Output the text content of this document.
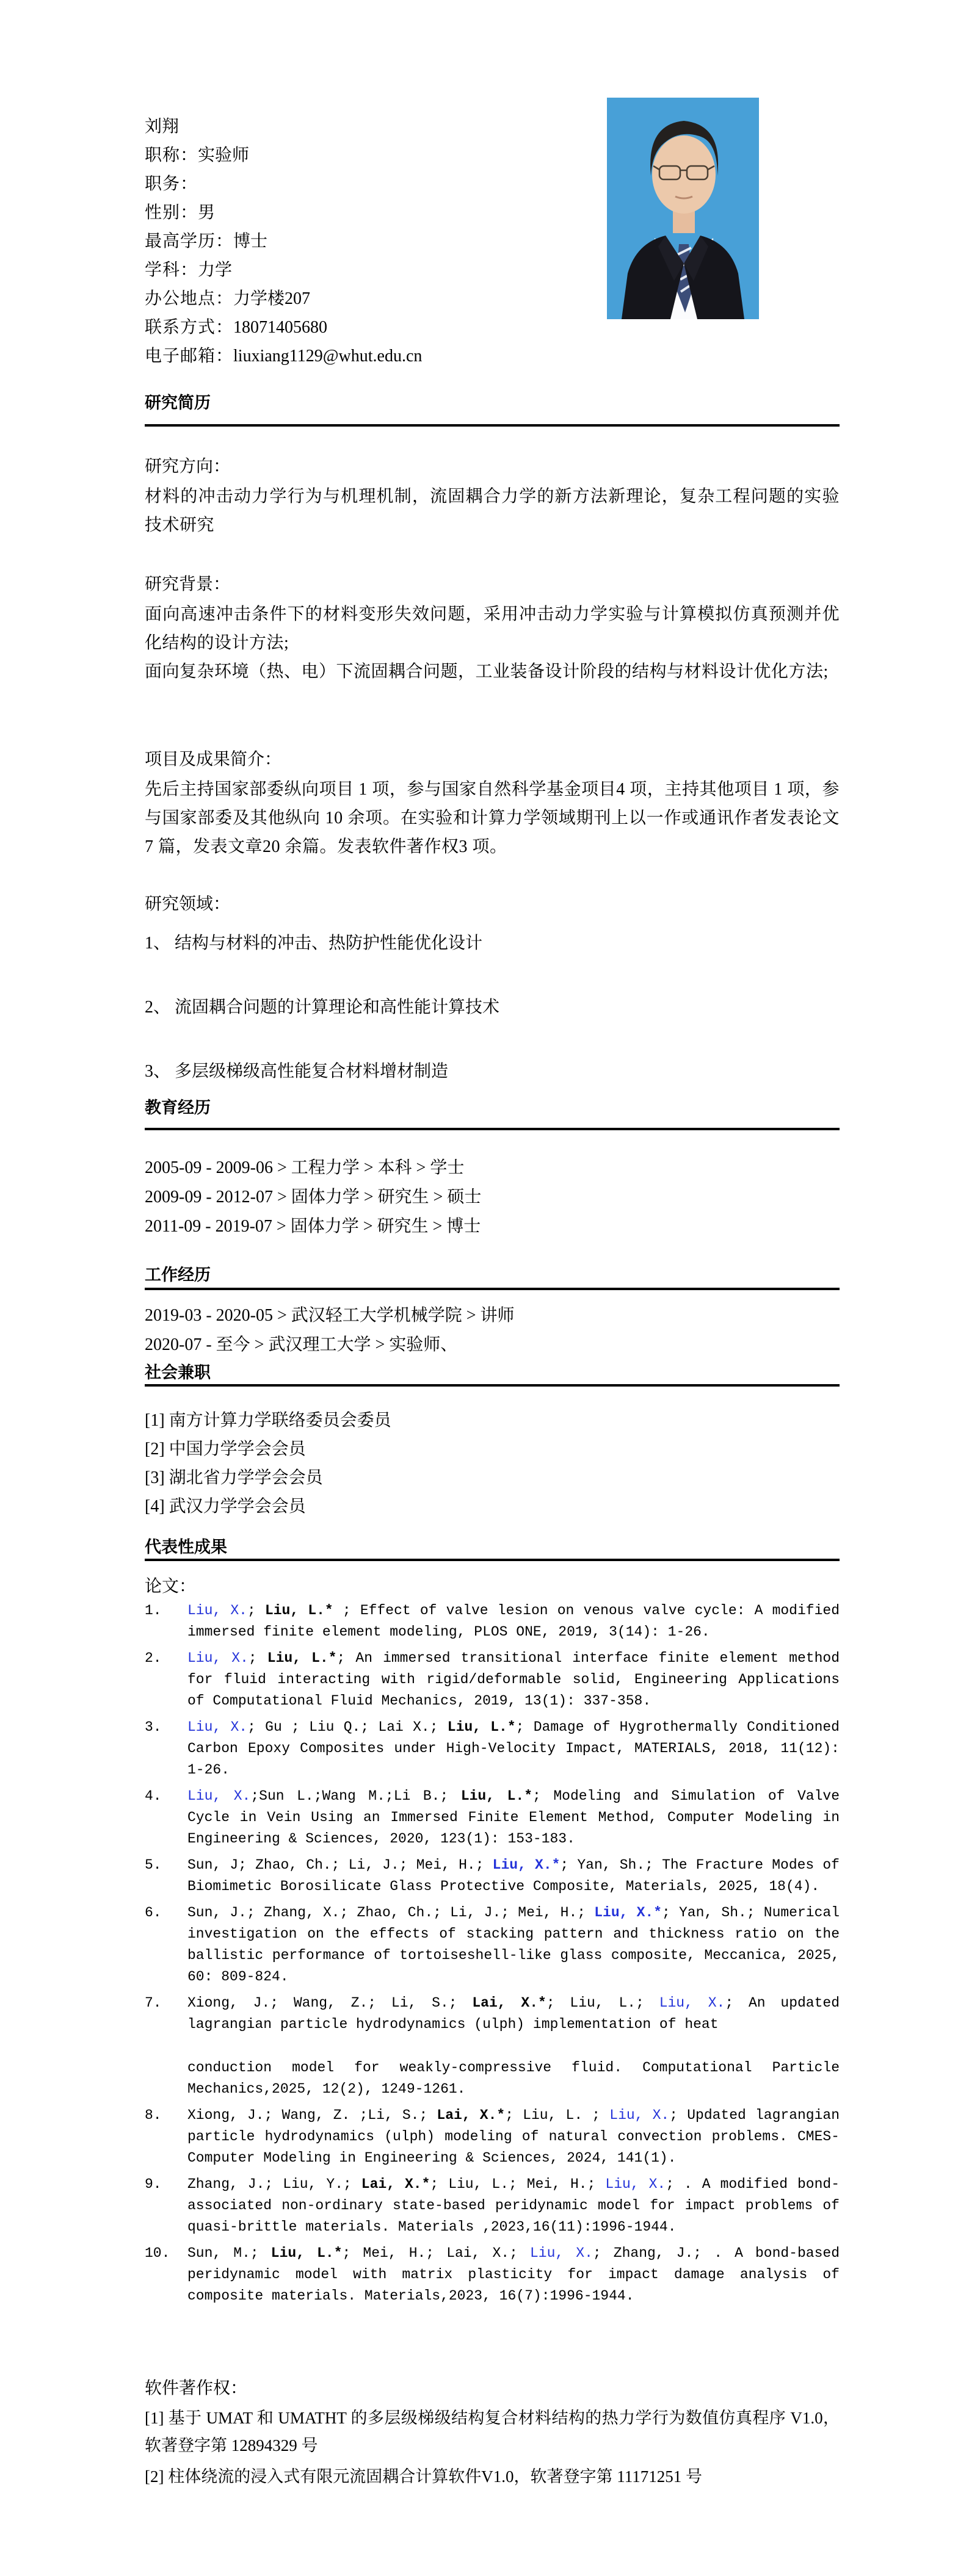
刘翔
职称：实验师
职务：
性别：男
最高学历：博士
学科：力学
办公地点：力学楼207
联系方式：18071405680
电子邮箱：liuxiang1129@whut.edu.cn
研究简历
研究方向：

材料的冲击动力学行为与机理机制，流固耦合力学的新方法新理论，复杂工程问题的实验技术研究

研究背景：

面向高速冲击条件下的材料变形失效问题，采用冲击动力学实验与计算模拟仿真预测并优化结构的设计方法;

面向复杂环境（热、电）下流固耦合问题，工业装备设计阶段的结构与材料设计优化方法;

项目及成果简介：

先后主持国家部委纵向项目 1 项，参与国家自然科学基金项目4 项，主持其他项目 1 项，参与国家部委及其他纵向 10 余项。在实验和计算力学领域期刊上以一作或通讯作者发表论文 7 篇，发表文章20 余篇。发表软件著作权3 项。

研究领域：
1、 结构与材料的冲击、热防护性能优化设计
2、 流固耦合问题的计算理论和高性能计算技术
3、 多层级梯级高性能复合材料增材制造
教育经历
2005-09 - 2009-06 > 工程力学 > 本科 > 学士
2009-09 - 2012-07 > 固体力学 > 研究生 > 硕士
2011-09 - 2019-07 > 固体力学 > 研究生 > 博士
工作经历
2019-03 - 2020-05 > 武汉轻工大学机械学院 > 讲师
2020-07 - 至今 > 武汉理工大学 > 实验师、
社会兼职
[1] 南方计算力学联络委员会委员
[2] 中国力学学会会员
[3] 湖北省力学学会会员
[4] 武汉力学学会会员
代表性成果
论文：
1. Liu, X.; Liu, L.* ; Effect of valve lesion on venous valve cycle: A modified immersed finite element modeling, PLOS ONE, 2019, 3(14): 1-26.
2. Liu, X.; Liu, L.*; An immersed transitional interface finite element method for fluid interacting with rigid/deformable solid, Engineering Applications of Computational Fluid Mechanics, 2019, 13(1): 337-358.
3. Liu, X.; Gu ; Liu Q.; Lai X.; Liu, L.*; Damage of Hygrothermally Conditioned Carbon Epoxy Composites under High-Velocity Impact, MATERIALS, 2018, 11(12): 1-26.
4. Liu, X.;Sun L.;Wang M.;Li B.; Liu, L.*; Modeling and Simulation of Valve Cycle in Vein Using an Immersed Finite Element Method, Computer Modeling in Engineering & Sciences, 2020, 123(1): 153-183.
5. Sun, J; Zhao, Ch.; Li, J.; Mei, H.; Liu, X.*; Yan, Sh.; The Fracture Modes of Biomimetic Borosilicate Glass Protective Composite, Materials, 2025, 18(4).
6. Sun, J.; Zhang, X.; Zhao, Ch.; Li, J.; Mei, H.; Liu, X.*; Yan, Sh.; Numerical investigation on the effects of stacking pattern and thickness ratio on the ballistic performance of tortoiseshell-like glass composite, Meccanica, 2025, 60: 809-824.
7. Xiong, J.; Wang, Z.; Li, S.; Lai, X.*; Liu, L.; Liu, X.; An updated lagrangian particle hydrodynamics (ulph) implementation of heat
conduction model for weakly-compressive fluid. Computational Particle Mechanics,2025, 12(2), 1249-1261.
8. Xiong, J.; Wang, Z. ;Li, S.; Lai, X.*; Liu, L. ; Liu, X.; Updated lagrangian particle hydrodynamics (ulph) modeling of natural convection problems. CMES-Computer Modeling in Engineering & Sciences, 2024, 141(1).
9. Zhang, J.; Liu, Y.; Lai, X.*; Liu, L.; Mei, H.; Liu, X.; . A modified bond-associated non-ordinary state-based peridynamic model for impact problems of quasi-brittle materials. Materials ,2023,16(11):1996-1944.
10. Sun, M.; Liu, L.*; Mei, H.; Lai, X.; Liu, X.; Zhang, J.; . A bond-based peridynamic model with matrix plasticity for impact damage analysis of composite materials. Materials,2023, 16(7):1996-1944.
软件著作权：
[1] 基于 UMAT 和 UMATHT 的多层级梯级结构复合材料结构的热力学行为数值仿真程序 V1.0，软著登字第 12894329 号
[2] 柱体绕流的浸入式有限元流固耦合计算软件V1.0，软著登字第 11171251 号
